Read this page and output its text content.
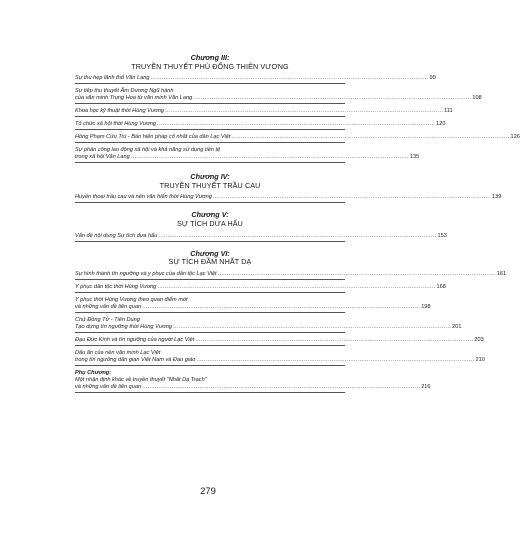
Chương III:
TRUYỀN THUYẾT PHÙ ĐỔNG THIÊN VƯƠNG
Sự thu hẹp lãnh thổ Văn Lang ...................................................................................................................................................... 99
Sự tiếp thu thuyết Âm Dương Ngũ hành
của văn minh Trung Hoa từ văn minh Văn Lang ...................................................................................................................................................... 108
Khoa học kỹ thuật thời Hùng Vương ...................................................................................................................................................... 111
Tổ chức xã hội thời Hùng Vương ...................................................................................................................................................... 120
Hồng Phạm Cửu Trù - Bản hiến pháp cổ nhất của dân Lạc Việt ...................................................................................................................................................... 126
Sự phân công lao động xã hội và khả năng sử dụng tiền tệ
trong xã hội Văn Lang ...................................................................................................................................................... 135
Chương IV:
TRUYỀN THUYẾT TRẦU CAU
Huyền thoại trầu cau và nền văn hiến thời Hùng Vương ...................................................................................................................................................... 139
Chương V:
SỰ TÍCH DƯA HẤU
Vấn đề nội dung Sự tích dưa hấu ...................................................................................................................................................... 153
Chương VI:
SỰ TÍCH ĐẦM NHẤT DẠ
Sự hình thành tín ngưỡng và y phục của dân tộc Lạc Việt ...................................................................................................................................................... 161
Y phục dân tộc thời Hùng Vương ...................................................................................................................................................... 168
Y phục thời Hùng Vương theo quan điểm mới
và những vấn đề liên quan ...................................................................................................................................................... 198
Chử Đồng Tử - Tiên Dung
Tạo dựng tín ngưỡng thời Hùng Vương ...................................................................................................................................................... 201
Đạo Đức Kinh và tín ngưỡng của người Lạc Việt ...................................................................................................................................................... 203
Dấu ấn của nền văn minh Lạc Việt
trong tín ngưỡng dân gian Việt Nam và Đạo giáo ...................................................................................................................................................... 210
Phụ Chương:
Một nhận định khác về truyền thuyết "Nhất Dạ Trạch"
và những vấn đề liên quan ...................................................................................................................................................... 216
279
